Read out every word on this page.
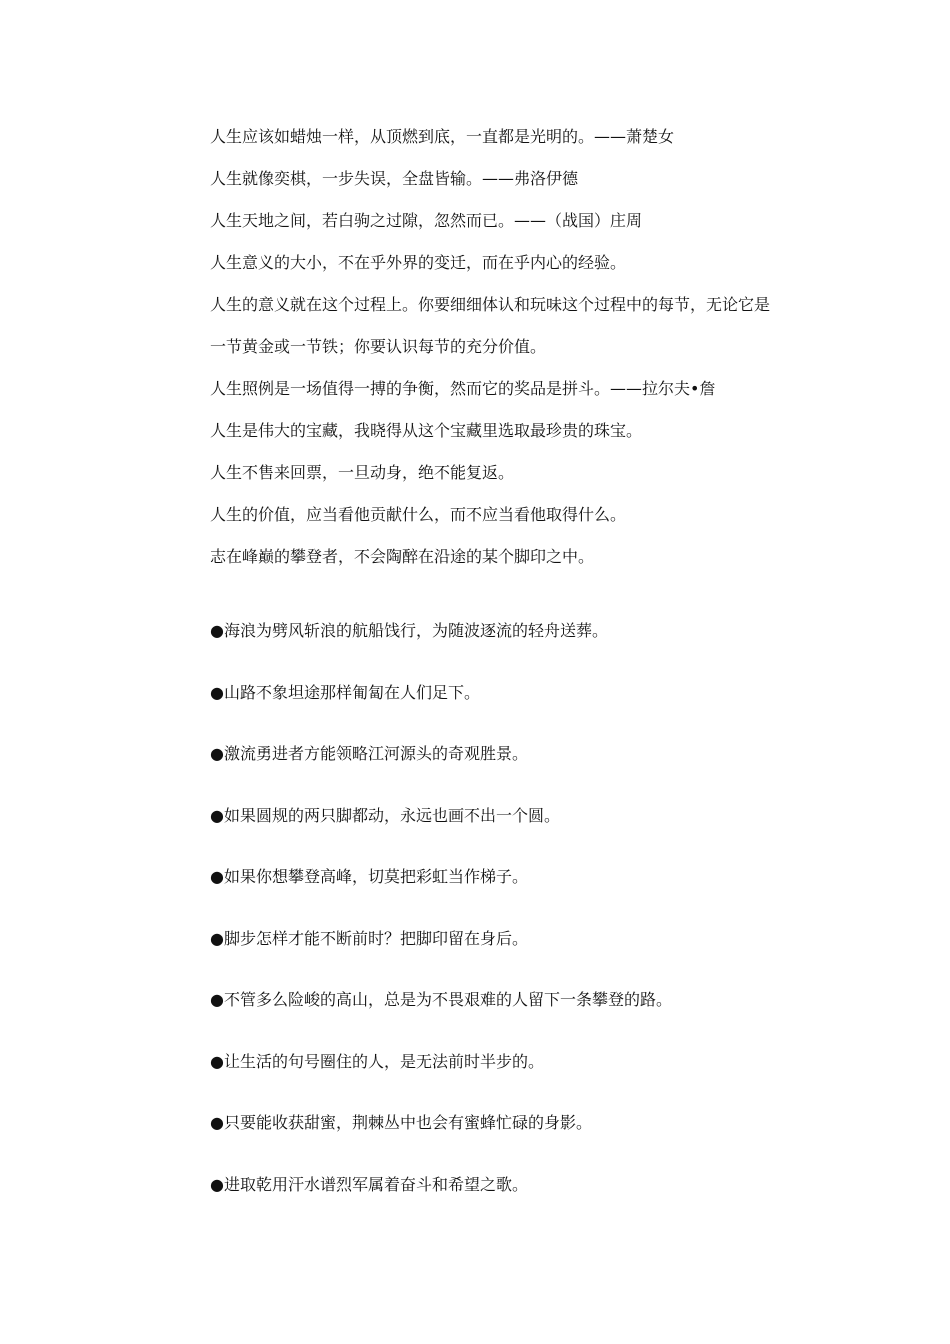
人生应该如蜡烛一样，从顶燃到底，一直都是光明的。——萧楚女
人生就像奕棋，一步失误，全盘皆输。——弗洛伊德
人生天地之间，若白驹之过隙，忽然而已。——（战国）庄周
人生意义的大小，不在乎外界的变迁，而在乎内心的经验。
人生的意义就在这个过程上。你要细细体认和玩味这个过程中的每节，无论它是
一节黄金或一节铁；你要认识每节的充分价值。
人生照例是一场值得一搏的争衡，然而它的奖品是拼斗。——拉尔夫•詹
人生是伟大的宝藏，我晓得从这个宝藏里选取最珍贵的珠宝。
人生不售来回票，一旦动身，绝不能复返。
人生的价值，应当看他贡献什么，而不应当看他取得什么。
志在峰巅的攀登者，不会陶醉在沿途的某个脚印之中。
●海浪为劈风斩浪的航船饯行，为随波逐流的轻舟送葬。
●山路不象坦途那样匍匐在人们足下。
●激流勇进者方能领略江河源头的奇观胜景。
●如果圆规的两只脚都动，永远也画不出一个圆。
●如果你想攀登高峰，切莫把彩虹当作梯子。
●脚步怎样才能不断前时？把脚印留在身后。
●不管多么险峻的高山，总是为不畏艰难的人留下一条攀登的路。
●让生活的句号圈住的人，是无法前时半步的。
●只要能收获甜蜜，荆棘丛中也会有蜜蜂忙碌的身影。
●进取乾用汗水谱烈军属着奋斗和希望之歌。
